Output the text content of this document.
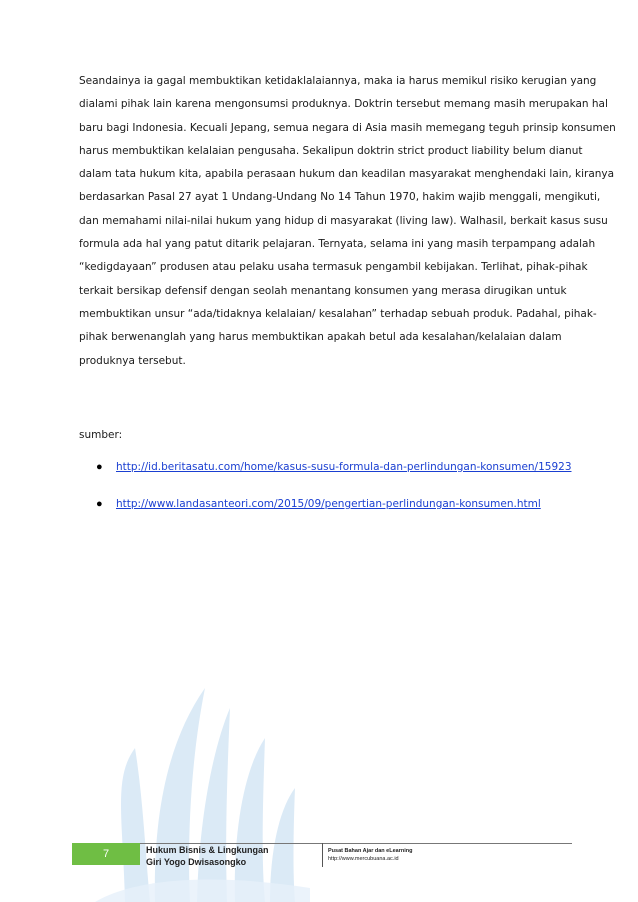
Seandainya ia gagal membuktikan ketidaklalaiannya, maka ia harus memikul risiko kerugian yang
dialami pihak lain karena mengonsumsi produknya. Doktrin tersebut memang masih merupakan hal
baru bagi Indonesia. Kecuali Jepang, semua negara di Asia masih memegang teguh prinsip konsumen
harus membuktikan kelalaian pengusaha. Sekalipun doktrin strict product liability belum dianut
dalam tata hukum kita, apabila perasaan hukum dan keadilan masyarakat menghendaki lain, kiranya
berdasarkan Pasal 27 ayat 1 Undang-Undang No 14 Tahun 1970, hakim wajib menggali, mengikuti,
dan memahami nilai-nilai hukum yang hidup di masyarakat (living law). Walhasil, berkait kasus susu
formula ada hal yang patut ditarik pelajaran. Ternyata, selama ini yang masih terpampang adalah
“kedigdayaan” produsen atau pelaku usaha termasuk pengambil kebijakan. Terlihat, pihak-pihak
terkait bersikap defensif dengan seolah menantang konsumen yang merasa dirugikan untuk
membuktikan unsur “ada/tidaknya kelalaian/ kesalahan” terhadap sebuah produk. Padahal, pihak-
pihak berwenanglah yang harus membuktikan apakah betul ada kesalahan/kelalaian dalam
produknya tersebut.

sumber:

●	http://id.beritasatu.com/home/kasus-susu-formula-dan-perlindungan-konsumen/15923
●	http://www.landasanteori.com/2015/09/pengertian-perlindungan-konsumen.html
7	Hukum Bisnis & Lingkungan
Giri Yogo Dwisasongko
Pusat Bahan Ajar dan eLearning
http://www.mercubuana.ac.id
